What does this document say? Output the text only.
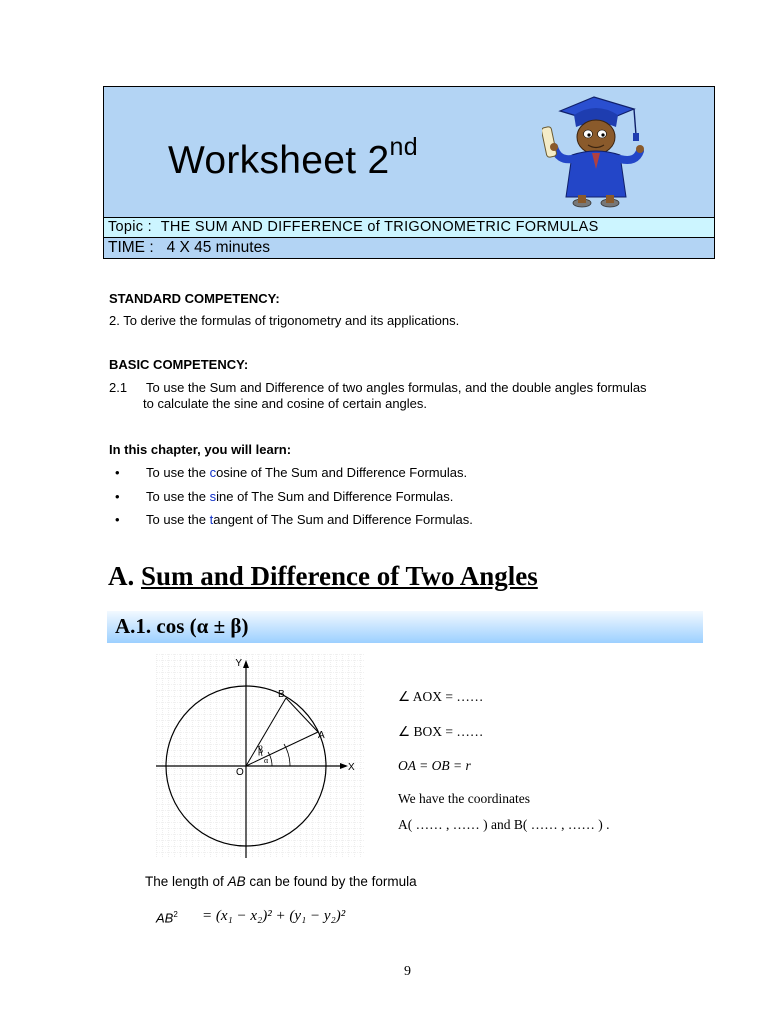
Worksheet 2nd
Topic : THE SUM AND DIFFERENCE of TRIGONOMETRIC FORMULAS
TIME : 4 X 45 minutes
STANDARD COMPETENCY:
2. To derive the formulas of trigonometry and its applications.
BASIC COMPETENCY:
2.1 To use the Sum and Difference of two angles formulas, and the double angles formulas
to calculate the sine and cosine of certain angles.
In this chapter, you will learn:
• To use the cosine of The Sum and Difference Formulas.
• To use the sine of The Sum and Difference Formulas.
• To use the tangent of The Sum and Difference Formulas.
A. Sum and Difference of Two Angles
A.1. cos (α ± β)
Y
X
O
A
B
β
α
∠ AOX = ……
∠ BOX = ……
OA = OB = r
We have the coordinates
A( …… , …… ) and B( …… , …… ) .
The length of AB can be found by the formula
$AB^2 = (x_1 - x_2)^2 + (y_1 - y_2)^2$
9
